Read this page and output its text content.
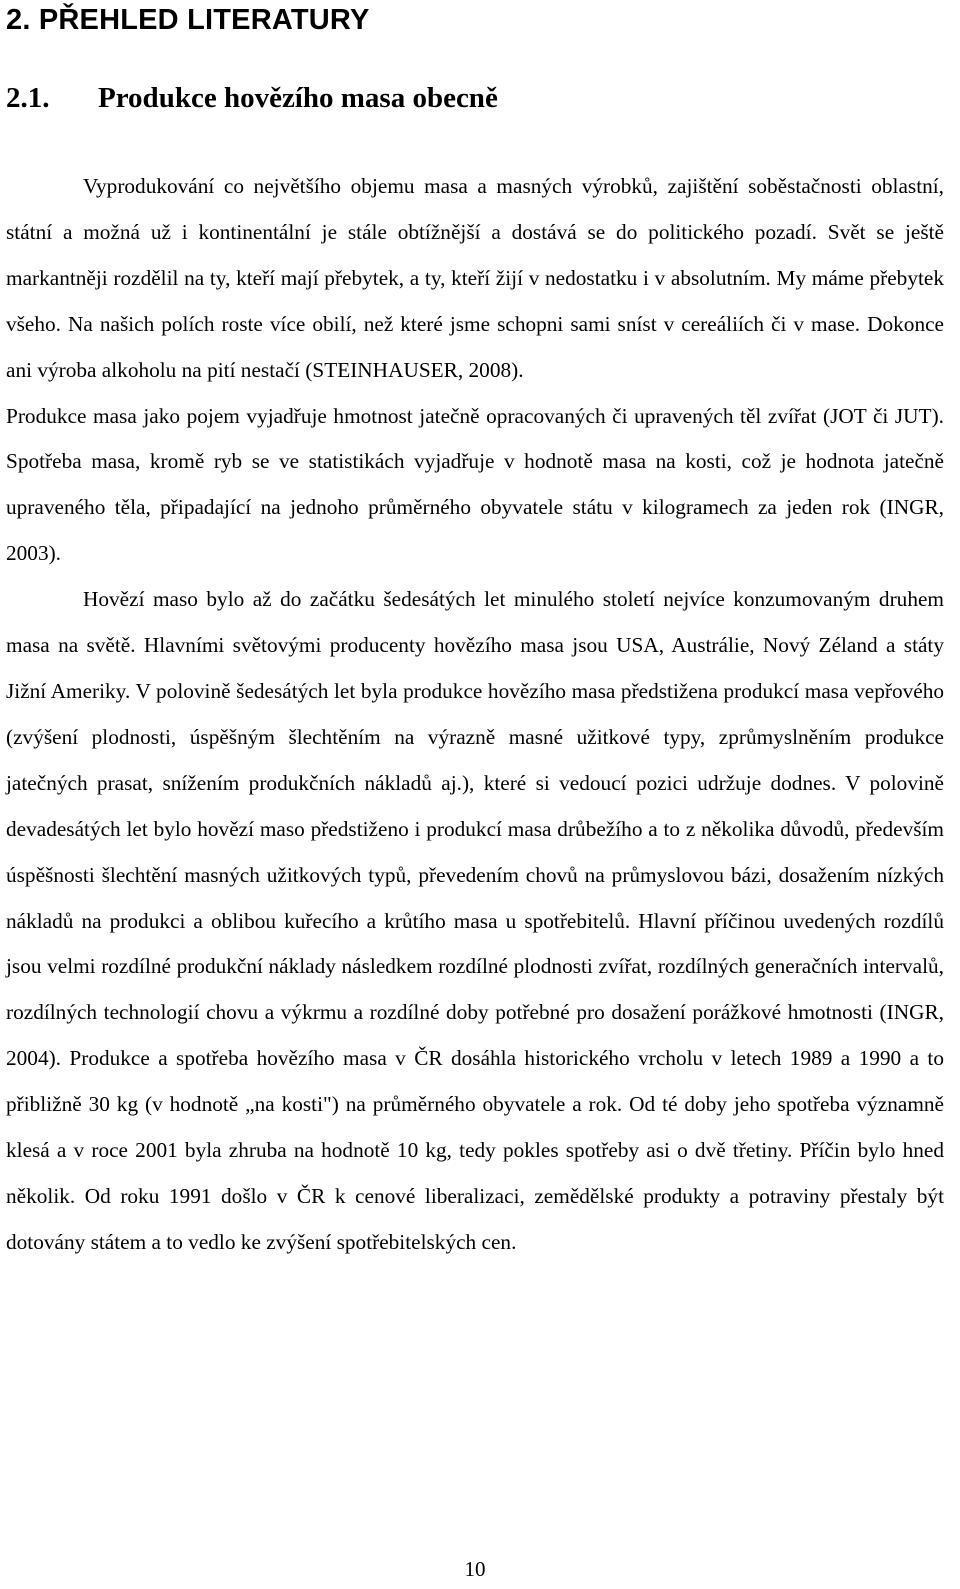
2. PŘEHLED LITERATURY
2.1. Produkce hovězího masa obecně

Vyprodukování co největšího objemu masa a masných výrobků, zajištění soběstačnosti oblastní, státní a možná už i kontinentální je stále obtížnější a dostává se do politického pozadí. Svět se ještě markantněji rozdělil na ty, kteří mají přebytek, a ty, kteří žijí v nedostatku i v absolutním. My máme přebytek všeho. Na našich polích roste více obilí, než které jsme schopni sami sníst v cereáliích či v mase. Dokonce ani výroba alkoholu na pití nestačí (STEINHAUSER, 2008).

Produkce masa jako pojem vyjadřuje hmotnost jatečně opracovaných či upravených těl zvířat (JOT či JUT). Spotřeba masa, kromě ryb se ve statistikách vyjadřuje v hodnotě masa na kosti, což je hodnota jatečně upraveného těla, připadající na jednoho průměrného obyvatele státu v kilogramech za jeden rok (INGR, 2003).

Hovězí maso bylo až do začátku šedesátých let minulého století nejvíce konzumovaným druhem masa na světě. Hlavními světovými producenty hovězího masa jsou USA, Austrálie, Nový Zéland a státy Jižní Ameriky. V polovině šedesátých let byla produkce hovězího masa předstižena produkcí masa vepřového (zvýšení plodnosti, úspěšným šlechtěním na výrazně masné užitkové typy, zprůmyslněním produkce jatečných prasat, snížením produkčních nákladů aj.), které si vedoucí pozici udržuje dodnes. V polovině devadesátých let bylo hovězí maso předstiženo i produkcí masa drůbežího a to z několika důvodů, především úspěšnosti šlechtění masných užitkových typů, převedením chovů na průmyslovou bázi, dosažením nízkých nákladů na produkci a oblibou kuřecího a krůtího masa u spotřebitelů. Hlavní příčinou uvedených rozdílů jsou velmi rozdílné produkční náklady následkem rozdílné plodnosti zvířat, rozdílných generačních intervalů, rozdílných technologií chovu a výkrmu a rozdílné doby potřebné pro dosažení porážkové hmotnosti (INGR, 2004). Produkce a spotřeba hovězího masa v ČR dosáhla historického vrcholu v letech 1989 a 1990 a to přibližně 30 kg (v hodnotě „na kosti") na průměrného obyvatele a rok. Od té doby jeho spotřeba významně klesá a v roce 2001 byla zhruba na hodnotě 10 kg, tedy pokles spotřeby asi o dvě třetiny. Příčin bylo hned několik. Od roku 1991 došlo v ČR k cenové liberalizaci, zemědělské produkty a potraviny přestaly být dotovány státem a to vedlo ke zvýšení spotřebitelských cen.

10
